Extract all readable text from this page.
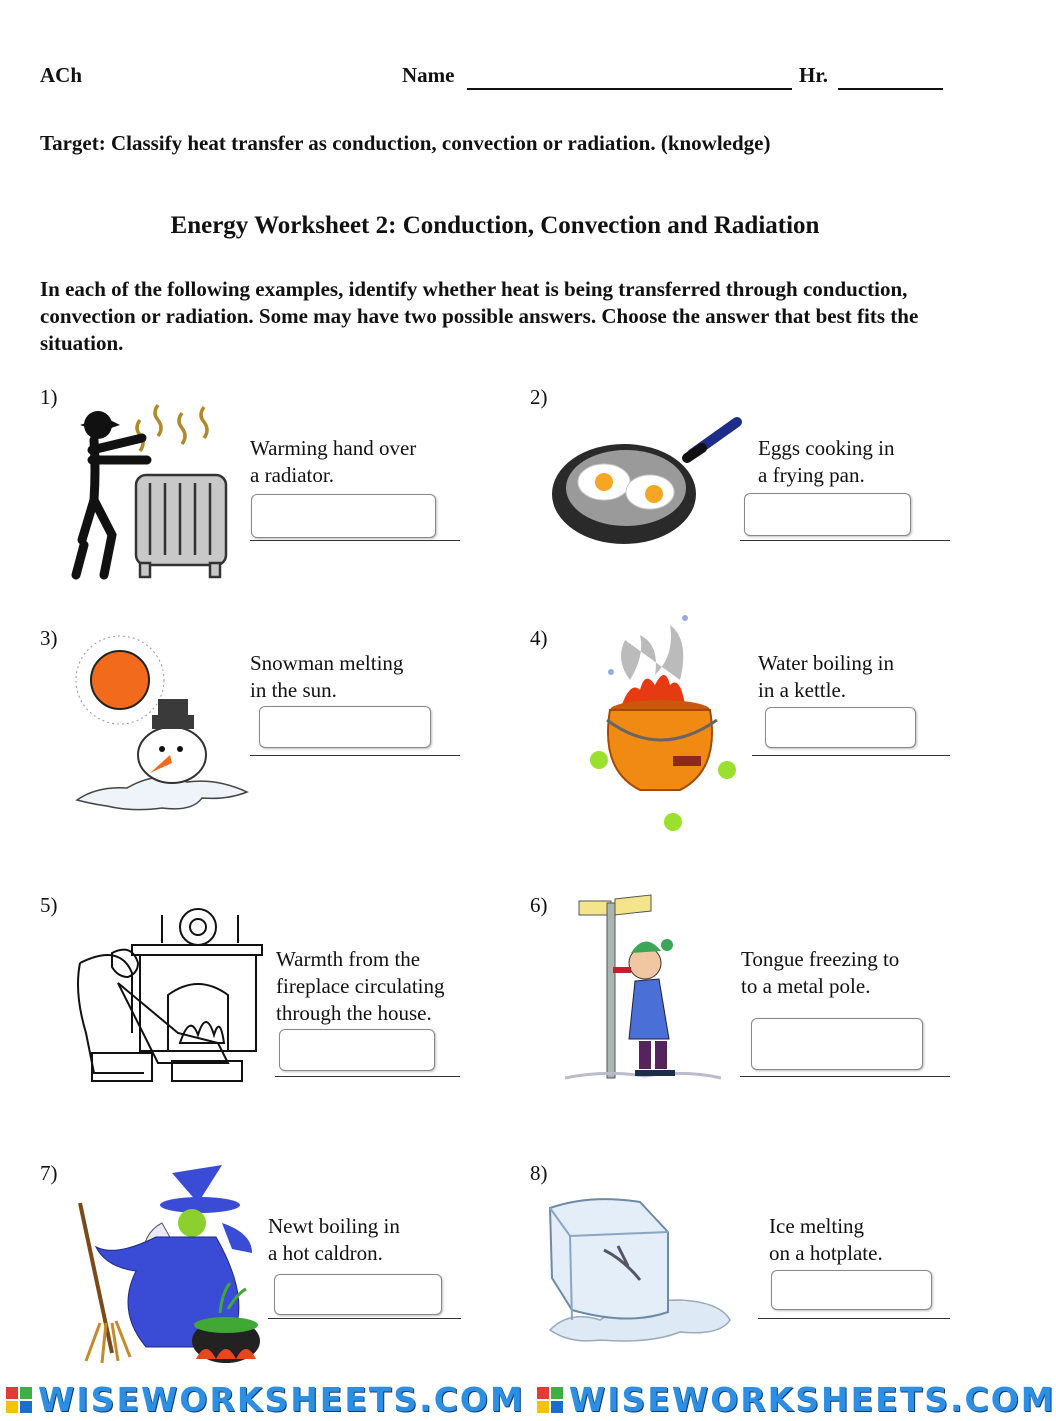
ACh	Name	Hr.
Target: Classify heat transfer as conduction, convection or radiation. (knowledge)
Energy Worksheet 2: Conduction, Convection and Radiation
In each of the following examples, identify whether heat is being transferred through conduction, convection or radiation. Some may have two possible answers. Choose the answer that best fits the situation.
1)
Warming hand over
a radiator.
2)
Eggs cooking in
a frying pan.
3)
Snowman melting
in the sun.
4)
Water boiling in
in a kettle.
5)
Warmth from the
fireplace circulating
through the house.
6)
Tongue freezing to
to a metal pole.
7)
Newt boiling in
a hot caldron.
8)
Ice melting
on a hotplate.
WISEWORKSHEETS.COM WISEWORKSHEETS.COM
